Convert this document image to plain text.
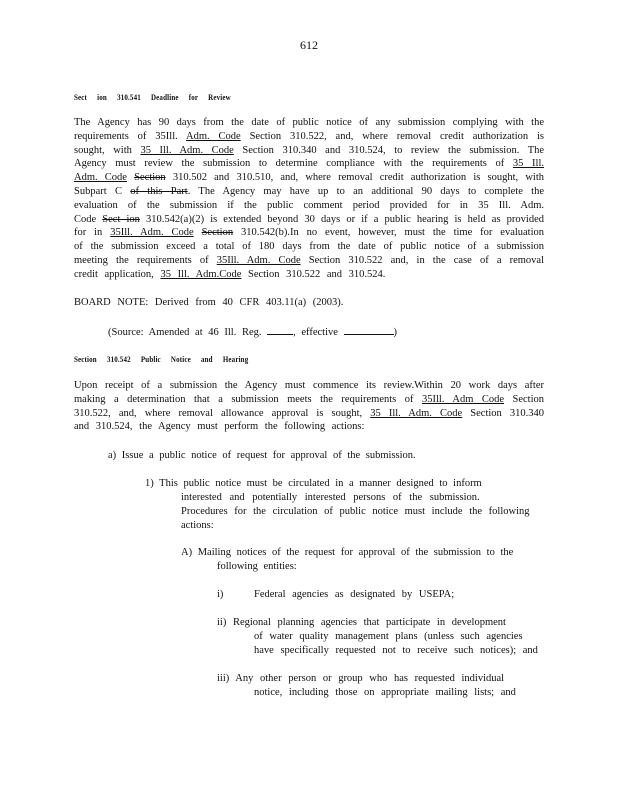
612
Sect ion 310.541 Deadline for Review
The Agency has 90 days from the date of public notice of any submission complying with the
requirements of 35Ill. Adm. Code Section 310.522, and, where removal credit authorization is
sought, with 35 Ill. Adm. Code Section 310.340 and 310.524, to review the submission. The
Agency must review the submission to determine compliance with the requirements of 35 Ill.
Adm. Code Section 310.502 and 310.510, and, where removal credit authorization is sought, with
Subpart C of this Part. The Agency may have up to an additional 90 days to complete the
evaluation of the submission if the public comment period provided for in 35 Ill. Adm.
Code Sect ion 310.542(a)(2) is extended beyond 30 days or if a public hearing is held as provided
for in 35Ill. Adm. Code Section 310.542(b).In no event, however, must the time for evaluation
of the submission exceed a total of 180 days from the date of public notice of a submission
meeting the requirements of 35Ill. Adm. Code Section 310.522 and, in the case of a removal
credit application, 35 Ill. Adm.Code Section 310.522 and 310.524.
BOARD NOTE: Derived from 40 CFR 403.11(a) (2003).
(Source: Amended at 46 Ill. Reg.	, effective	)
Section 310.542 Public Notice and Hearing
Upon receipt of a submission the Agency must commence its review.Within 20 work days after
making a determination that a submission meets the requirements of 35Ill. Adm Code Section
310.522, and, where removal allowance approval is sought, 35 Ill. Adm. Code Section 310.340
and 310.524, the Agency must perform the following actions:
a) Issue a public notice of request for approval of the submission.
1) This public notice must be circulated in a manner designed to inform
interested and potentially interested persons of the submission.
Procedures for the circulation of public notice must include the following
actions:
A) Mailing notices of the request for approval of the submission to the
following entities:
i)	Federal agencies as designated by USEPA;
ii) Regional planning agencies that participate in development
of water quality management plans (unless such agencies
have specifically requested not to receive such notices); and
iii) Any other person or group who has requested individual
notice, including those on appropriate mailing lists; and
